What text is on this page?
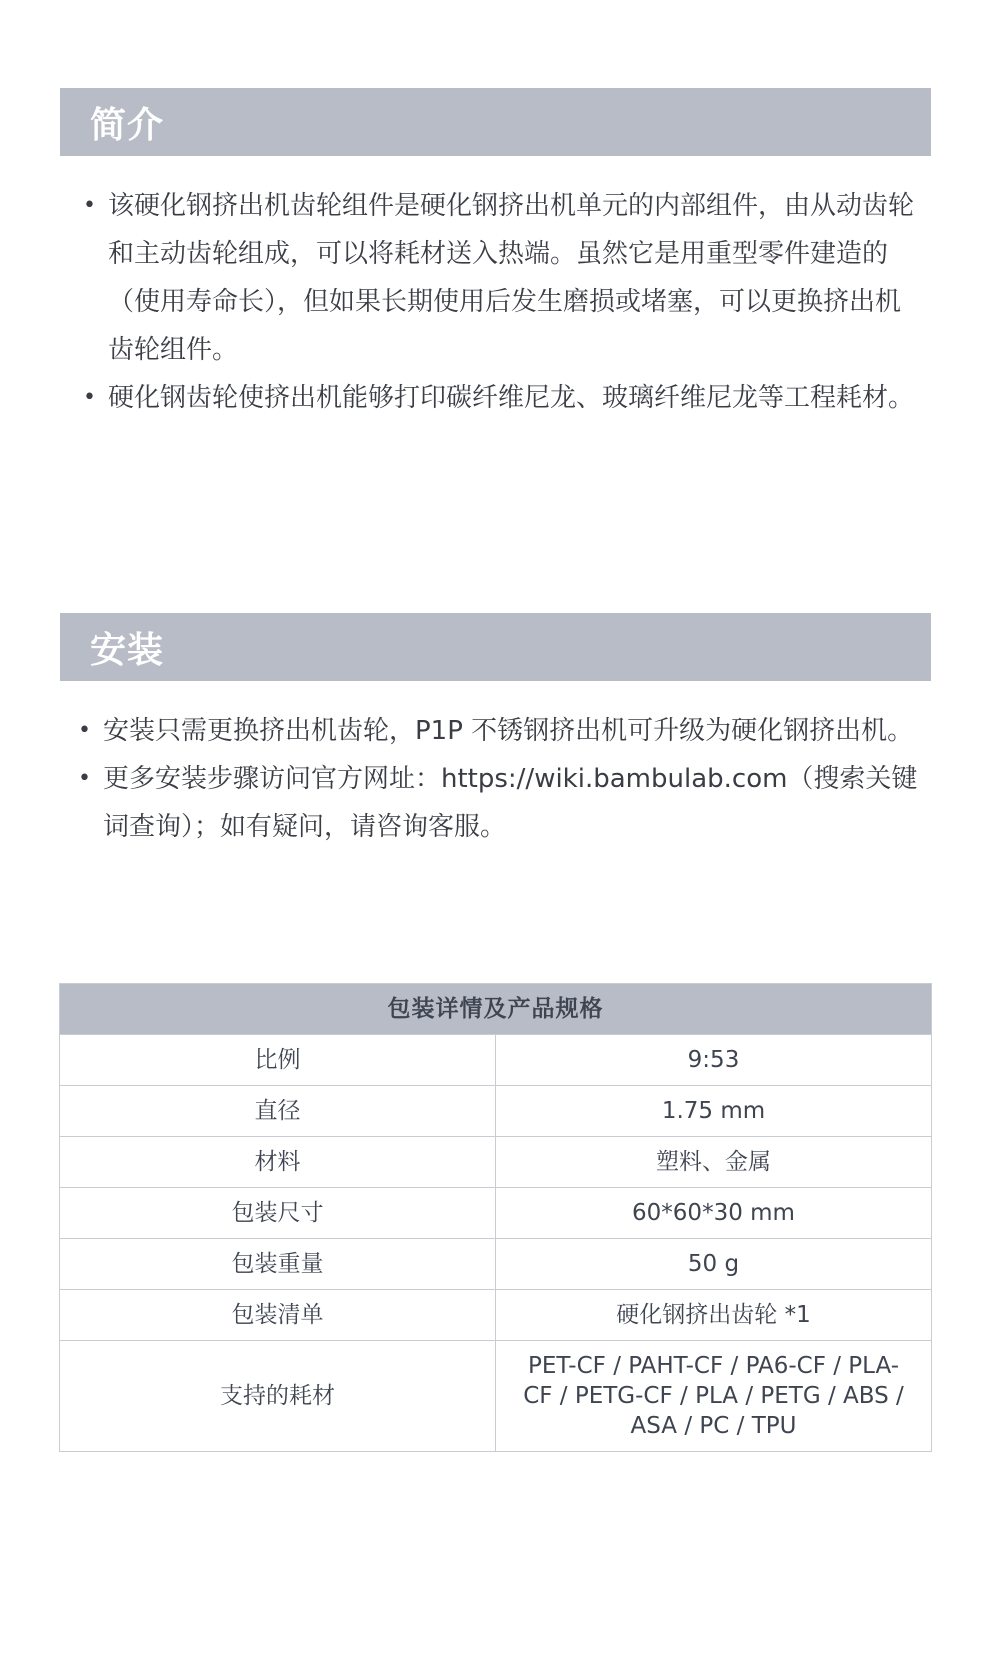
简介
• 该硬化钢挤出机齿轮组件是硬化钢挤出机单元的内部组件，由从动齿轮和主动齿轮组成，可以将耗材送入热端。虽然它是用重型零件建造的（使用寿命长），但如果长期使用后发生磨损或堵塞，可以更换挤出机齿轮组件。
• 硬化钢齿轮使挤出机能够打印碳纤维尼龙、玻璃纤维尼龙等工程耗材。
安装
• 安装只需更换挤出机齿轮，P1P 不锈钢挤出机可升级为硬化钢挤出机。
• 更多安装步骤访问官方网址：https://wiki.bambulab.com（搜索关键词查询）；如有疑问，请咨询客服。
包装详情及产品规格	
比例	9:53
直径	1.75 mm
材料	塑料、金属
包装尺寸	60*60*30 mm
包装重量	50 g
包装清单	硬化钢挤出齿轮 *1
支持的耗材	PET-CF / PAHT-CF / PA6-CF / PLA-CF / PETG-CF / PLA / PETG / ABS / ASA / PC / TPU
